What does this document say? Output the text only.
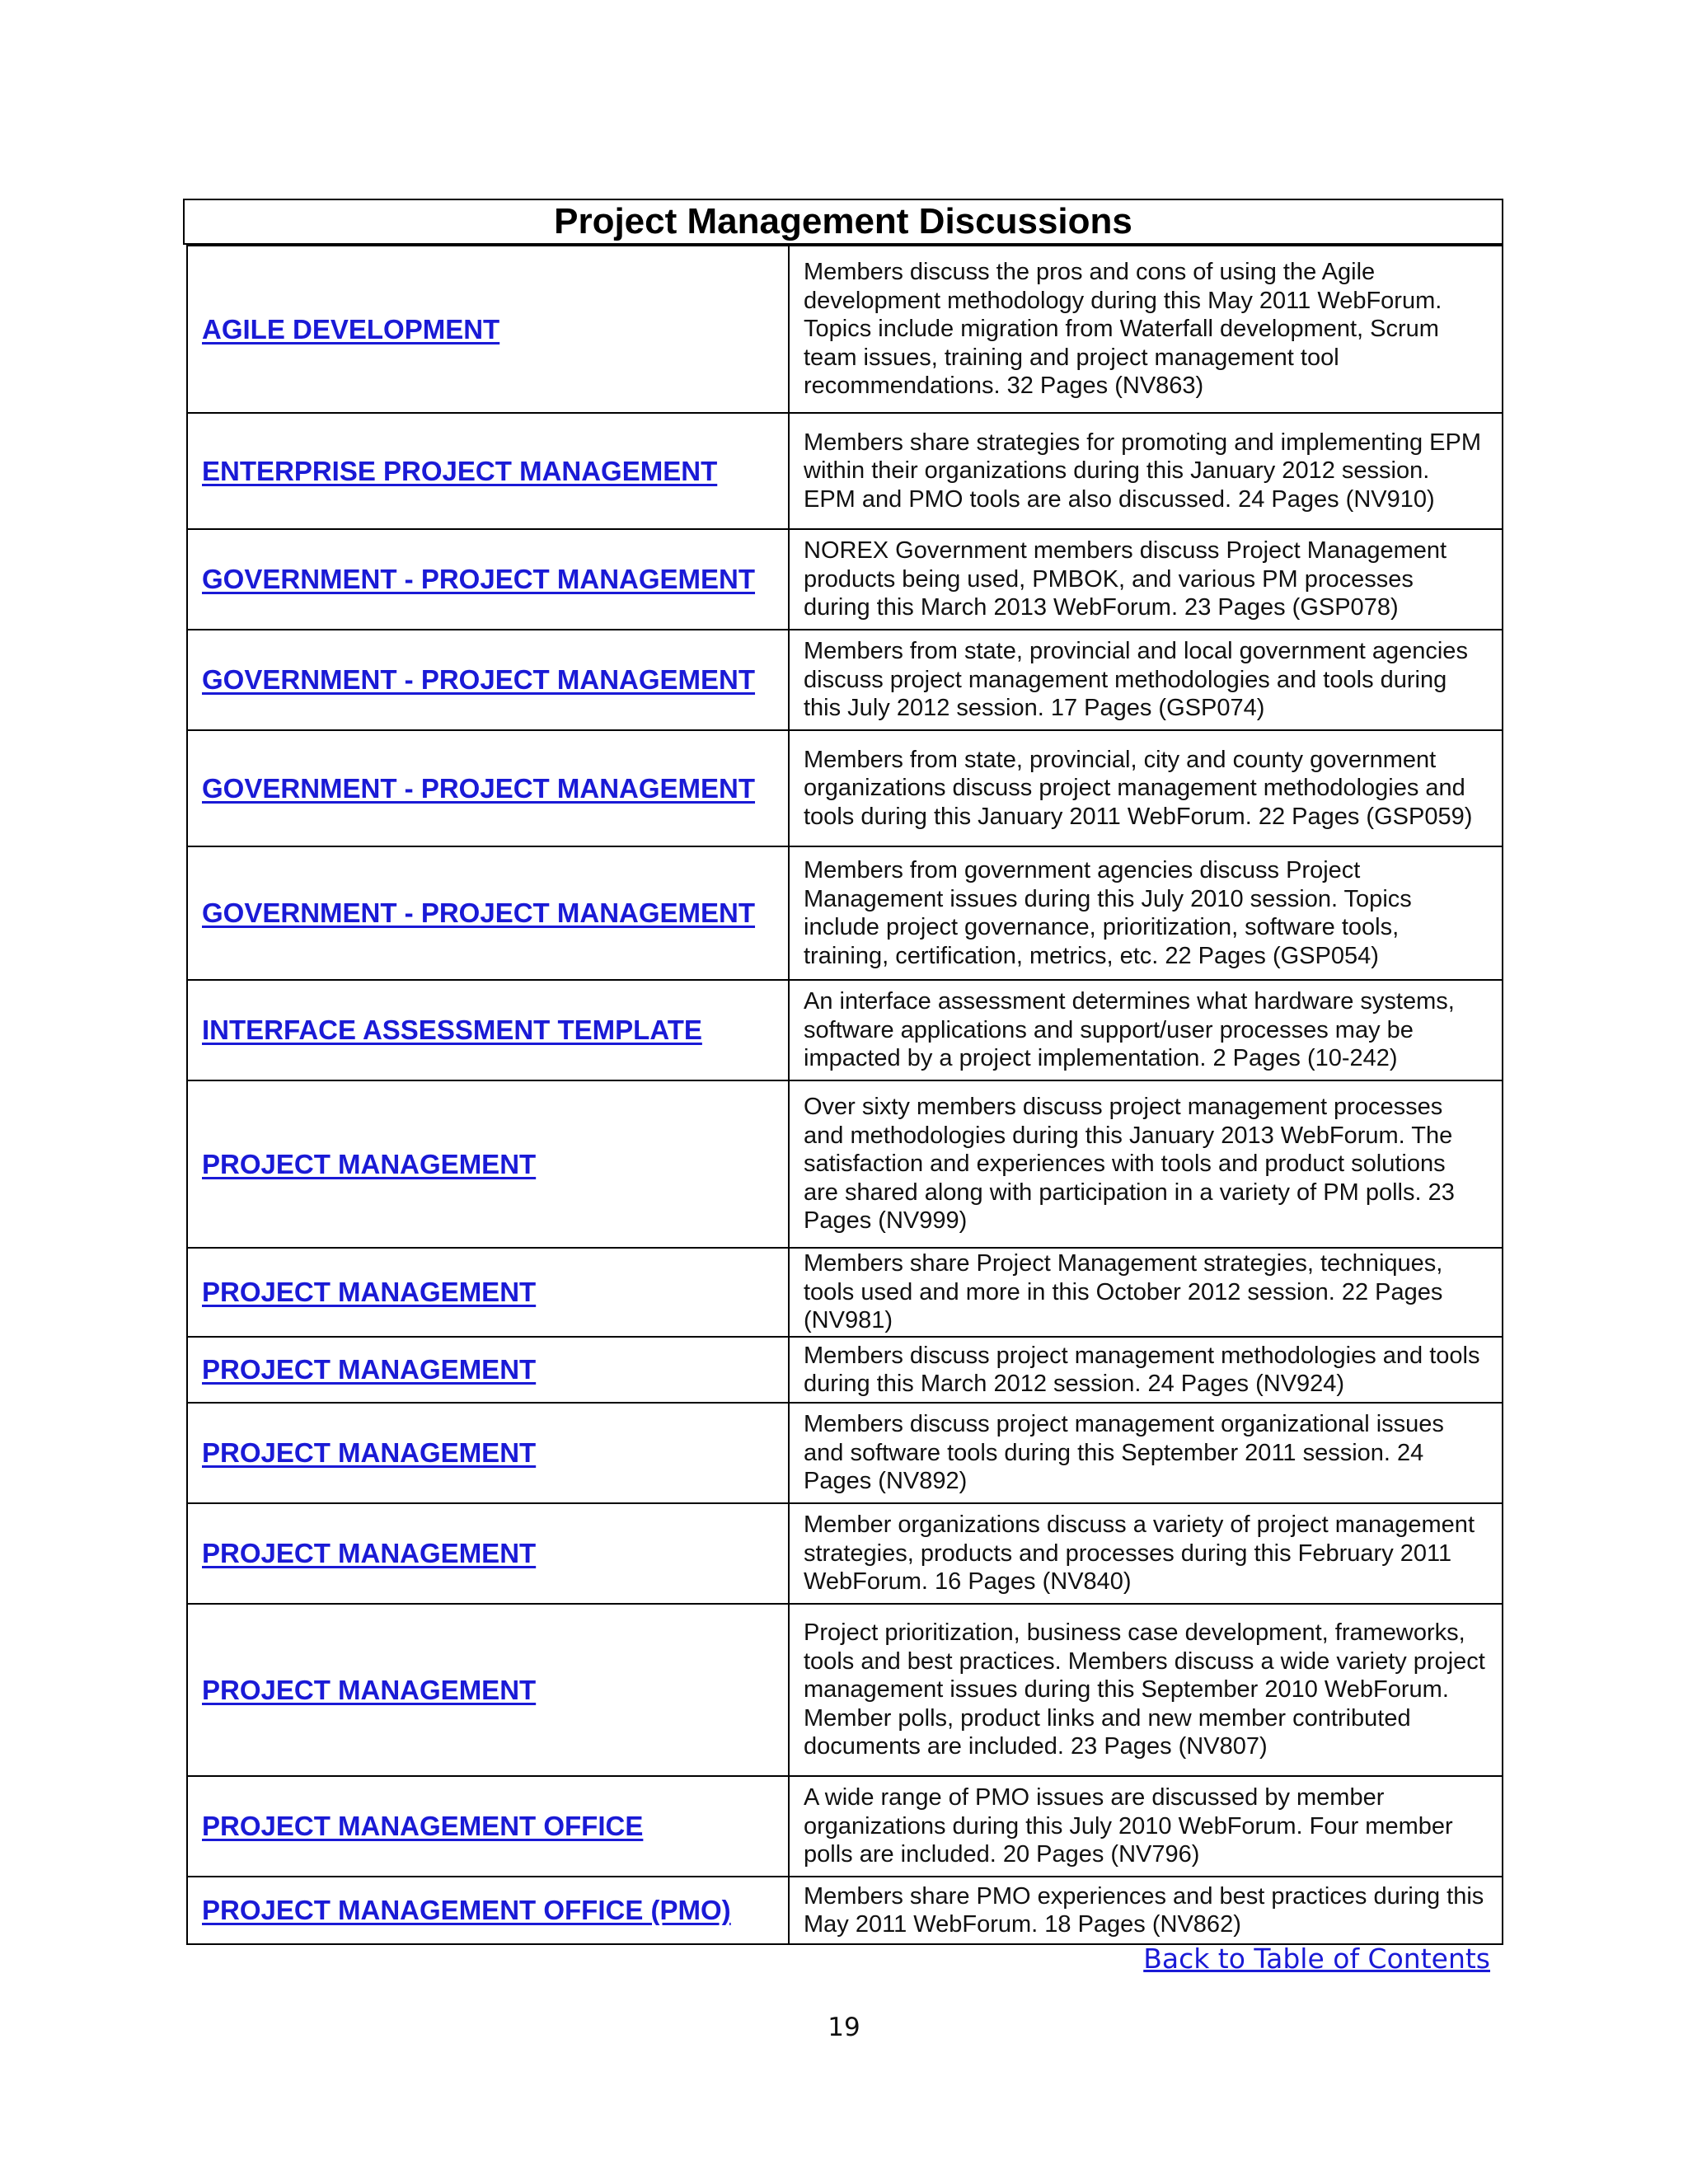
Project Management Discussions
AGILE DEVELOPMENT	Members discuss the pros and cons of using the Agile development methodology during this May 2011 WebForum. Topics include migration from Waterfall development, Scrum team issues, training and project management tool recommendations. 32 Pages (NV863)
ENTERPRISE PROJECT MANAGEMENT	Members share strategies for promoting and implementing EPM within their organizations during this January 2012 session. EPM and PMO tools are also discussed. 24 Pages (NV910)
GOVERNMENT - PROJECT MANAGEMENT	NOREX Government members discuss Project Management products being used, PMBOK, and various PM processes during this March 2013 WebForum. 23 Pages (GSP078)
GOVERNMENT - PROJECT MANAGEMENT	Members from state, provincial and local government agencies discuss project management methodologies and tools during this July 2012 session. 17 Pages (GSP074)
GOVERNMENT - PROJECT MANAGEMENT	Members from state, provincial, city and county government organizations discuss project management methodologies and tools during this January 2011 WebForum. 22 Pages (GSP059)
GOVERNMENT - PROJECT MANAGEMENT	Members from government agencies discuss Project Management issues during this July 2010 session. Topics include project governance, prioritization, software tools, training, certification, metrics, etc. 22 Pages (GSP054)
INTERFACE ASSESSMENT TEMPLATE	An interface assessment determines what hardware systems, software applications and support/user processes may be impacted by a project implementation. 2 Pages (10-242)
PROJECT MANAGEMENT	Over sixty members discuss project management processes and methodologies during this January 2013 WebForum. The satisfaction and experiences with tools and product solutions are shared along with participation in a variety of PM polls. 23 Pages (NV999)
PROJECT MANAGEMENT	Members share Project Management strategies, techniques, tools used and more in this October 2012 session. 22 Pages (NV981)
PROJECT MANAGEMENT	Members discuss project management methodologies and tools during this March 2012 session. 24 Pages (NV924)
PROJECT MANAGEMENT	Members discuss project management organizational issues and software tools during this September 2011 session. 24 Pages (NV892)
PROJECT MANAGEMENT	Member organizations discuss a variety of project management strategies, products and processes during this February 2011 WebForum. 16 Pages (NV840)
PROJECT MANAGEMENT	Project prioritization, business case development, frameworks, tools and best practices. Members discuss a wide variety project management issues during this September 2010 WebForum. Member polls, product links and new member contributed documents are included. 23 Pages (NV807)
PROJECT MANAGEMENT OFFICE	A wide range of PMO issues are discussed by member organizations during this July 2010 WebForum. Four member polls are included. 20 Pages (NV796)
PROJECT MANAGEMENT OFFICE (PMO)	Members share PMO experiences and best practices during this May 2011 WebForum. 18 Pages (NV862)
Back to Table of Contents
19
